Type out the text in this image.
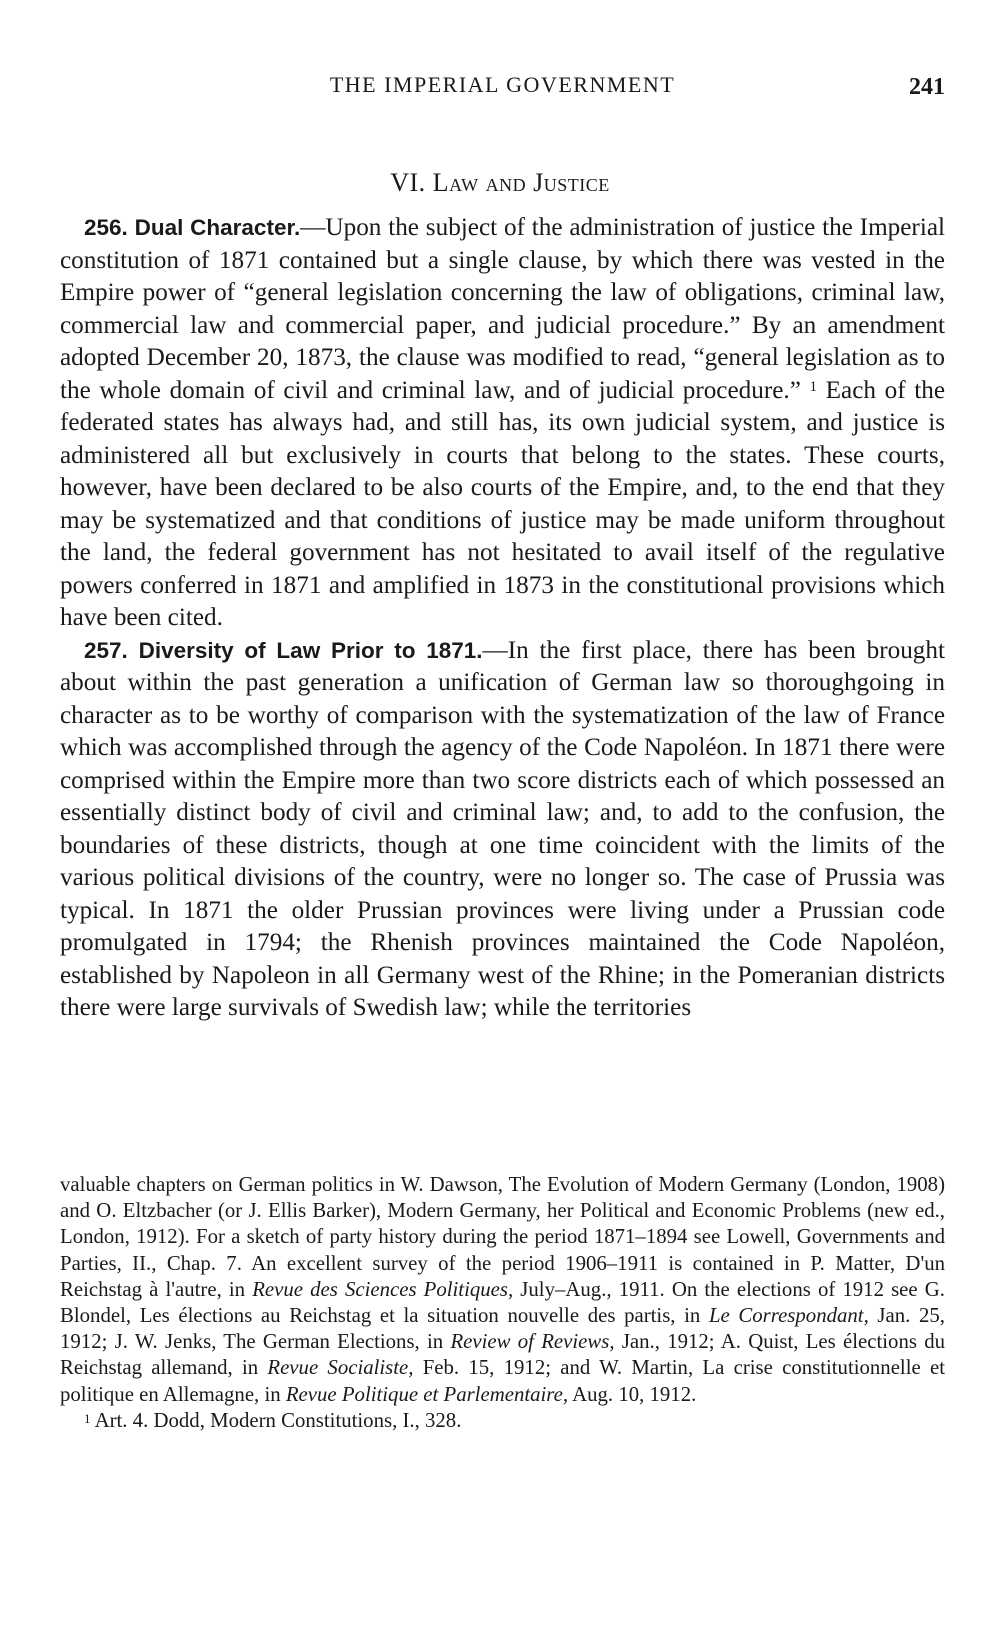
THE IMPERIAL GOVERNMENT	241
VI. Law and Justice

256. Dual Character.—Upon the subject of the administration of justice the Imperial constitution of 1871 contained but a single clause, by which there was vested in the Empire power of “general legislation concerning the law of obligations, criminal law, commercial law and commercial paper, and judicial procedure.” By an amendment adopted December 20, 1873, the clause was modified to read, “general legislation as to the whole domain of civil and criminal law, and of judicial procedure.” $^1$ Each of the federated states has always had, and still has, its own judicial system, and justice is administered all but exclusively in courts that belong to the states. These courts, however, have been declared to be also courts of the Empire, and, to the end that they may be systematized and that conditions of justice may be made uniform throughout the land, the federal government has not hesitated to avail itself of the regulative powers conferred in 1871 and amplified in 1873 in the constitutional provisions which have been cited.

257. Diversity of Law Prior to 1871.—In the first place, there has been brought about within the past generation a unification of German law so thoroughgoing in character as to be worthy of comparison with the systematization of the law of France which was accomplished through the agency of the Code Napoléon. In 1871 there were comprised within the Empire more than two score districts each of which possessed an essentially distinct body of civil and criminal law; and, to add to the confusion, the boundaries of these districts, though at one time coincident with the limits of the various political divisions of the country, were no longer so. The case of Prussia was typical. In 1871 the older Prussian provinces were living under a Prussian code promulgated in 1794; the Rhenish provinces maintained the Code Napoléon, established by Napoleon in all Germany west of the Rhine; in the Pomeranian districts there were large survivals of Swedish law; while the territories

valuable chapters on German politics in W. Dawson, The Evolution of Modern Germany (London, 1908) and O. Eltzbacher (or J. Ellis Barker), Modern Germany, her Political and Economic Problems (new ed., London, 1912). For a sketch of party history during the period 1871–1894 see Lowell, Governments and Parties, II., Chap. 7. An excellent survey of the period 1906–1911 is contained in P. Matter, D'un Reichstag à l'autre, in Revue des Sciences Politiques, July–Aug., 1911. On the elections of 1912 see G. Blondel, Les élections au Reichstag et la situation nouvelle des partis, in Le Correspondant, Jan. 25, 1912; J. W. Jenks, The German Elections, in Review of Reviews, Jan., 1912; A. Quist, Les élections du Reichstag allemand, in Revue Socialiste, Feb. 15, 1912; and W. Martin, La crise constitutionnelle et politique en Allemagne, in Revue Politique et Parlementaire, Aug. 10, 1912.

$^1$ Art. 4. Dodd, Modern Constitutions, I., 328.
